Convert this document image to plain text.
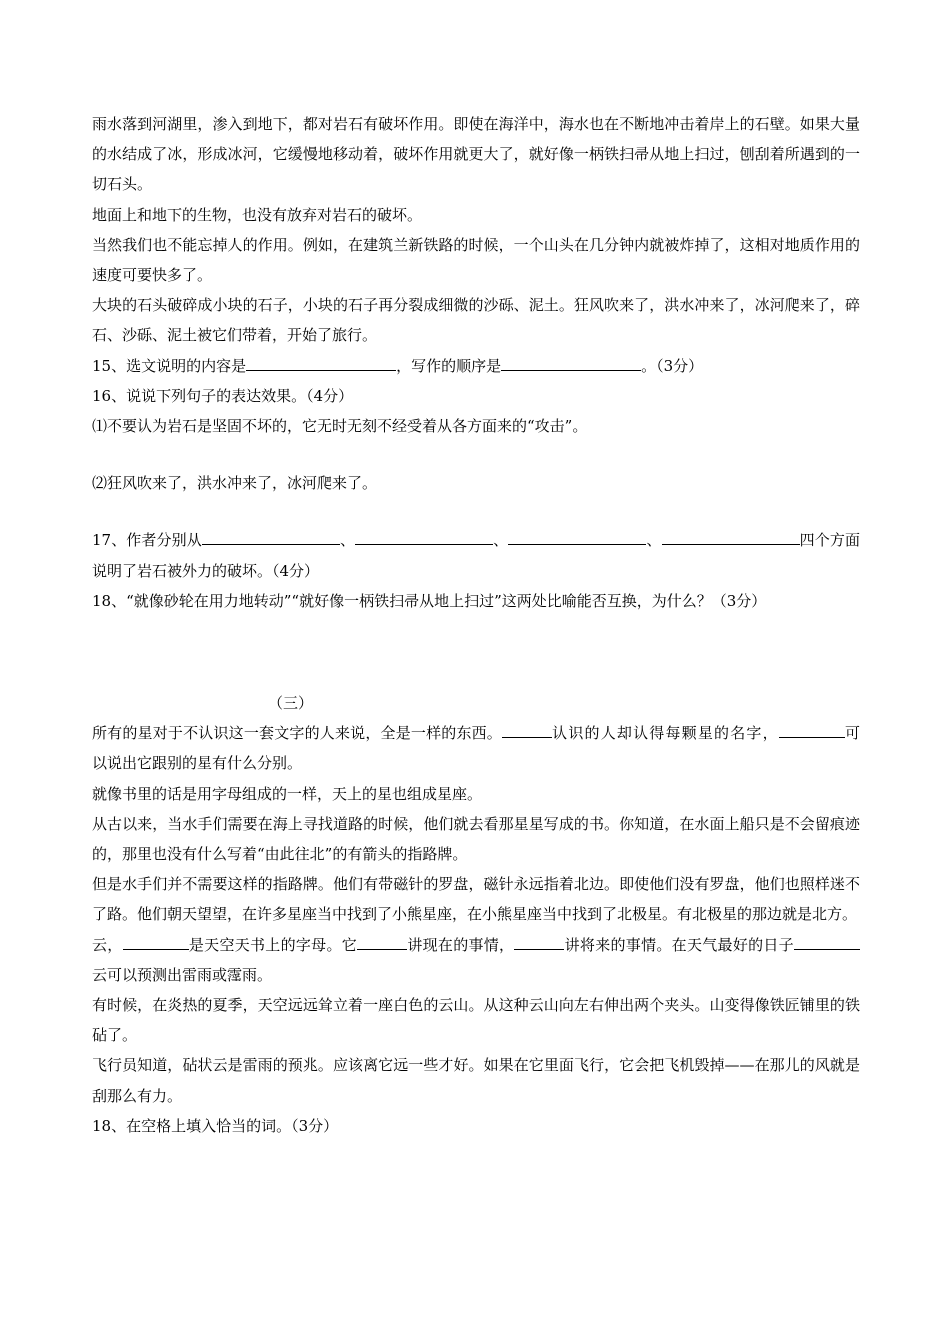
雨水落到河湖里，渗入到地下，都对岩石有破坏作用。即使在海洋中，海水也在不断地冲击着岸上的石壁。如果大量的水结成了冰，形成冰河，它缓慢地移动着，破坏作用就更大了，就好像一柄铁扫帚从地上扫过，刨刮着所遇到的一切石头。

地面上和地下的生物，也没有放弃对岩石的破坏。

当然我们也不能忘掉人的作用。例如，在建筑兰新铁路的时候，一个山头在几分钟内就被炸掉了，这相对地质作用的速度可要快多了。

大块的石头破碎成小块的石子，小块的石子再分裂成细微的沙砾、泥土。狂风吹来了，洪水冲来了，冰河爬来了，碎石、沙砾、泥土被它们带着，开始了旅行。

15、选文说明的内容是	，写作的顺序是	。（3分）

16、说说下列句子的表达效果。（4分）

⑴不要认为岩石是坚固不坏的，它无时无刻不经受着从各方面来的“攻击”。

⑵狂风吹来了，洪水冲来了，冰河爬来了。

17、作者分别从	、	、	、	四个方面说明了岩石被外力的破坏。（4分）

18、“就像砂轮在用力地转动”“就好像一柄铁扫帚从地上扫过”这两处比喻能否互换，为什么？（3分）

（三）

所有的星对于不认识这一套文字的人来说，全是一样的东西。	认识的人却认得每颗星的名字，	可以说出它跟别的星有什么分别。

就像书里的话是用字母组成的一样，天上的星也组成星座。

从古以来，当水手们需要在海上寻找道路的时候，他们就去看那星星写成的书。你知道，在水面上船只是不会留痕迹的，那里也没有什么写着“由此往北”的有箭头的指路牌。

但是水手们并不需要这样的指路牌。他们有带磁针的罗盘，磁针永远指着北边。即使他们没有罗盘，他们也照样迷不了路。他们朝天望望，在许多星座当中找到了小熊星座，在小熊星座当中找到了北极星。有北极星的那边就是北方。

云，	是天空天书上的字母。它	讲现在的事情，	讲将来的事情。在天气最好的日子云可以预测出雷雨或霪雨。

有时候，在炎热的夏季，天空远远耸立着一座白色的云山。从这种云山向左右伸出两个夹头。山变得像铁匠铺里的铁砧了。

飞行员知道，砧状云是雷雨的预兆。应该离它远一些才好。如果在它里面飞行，它会把飞机毁掉——在那儿的风就是刮那么有力。

18、在空格上填入恰当的词。（3分）
